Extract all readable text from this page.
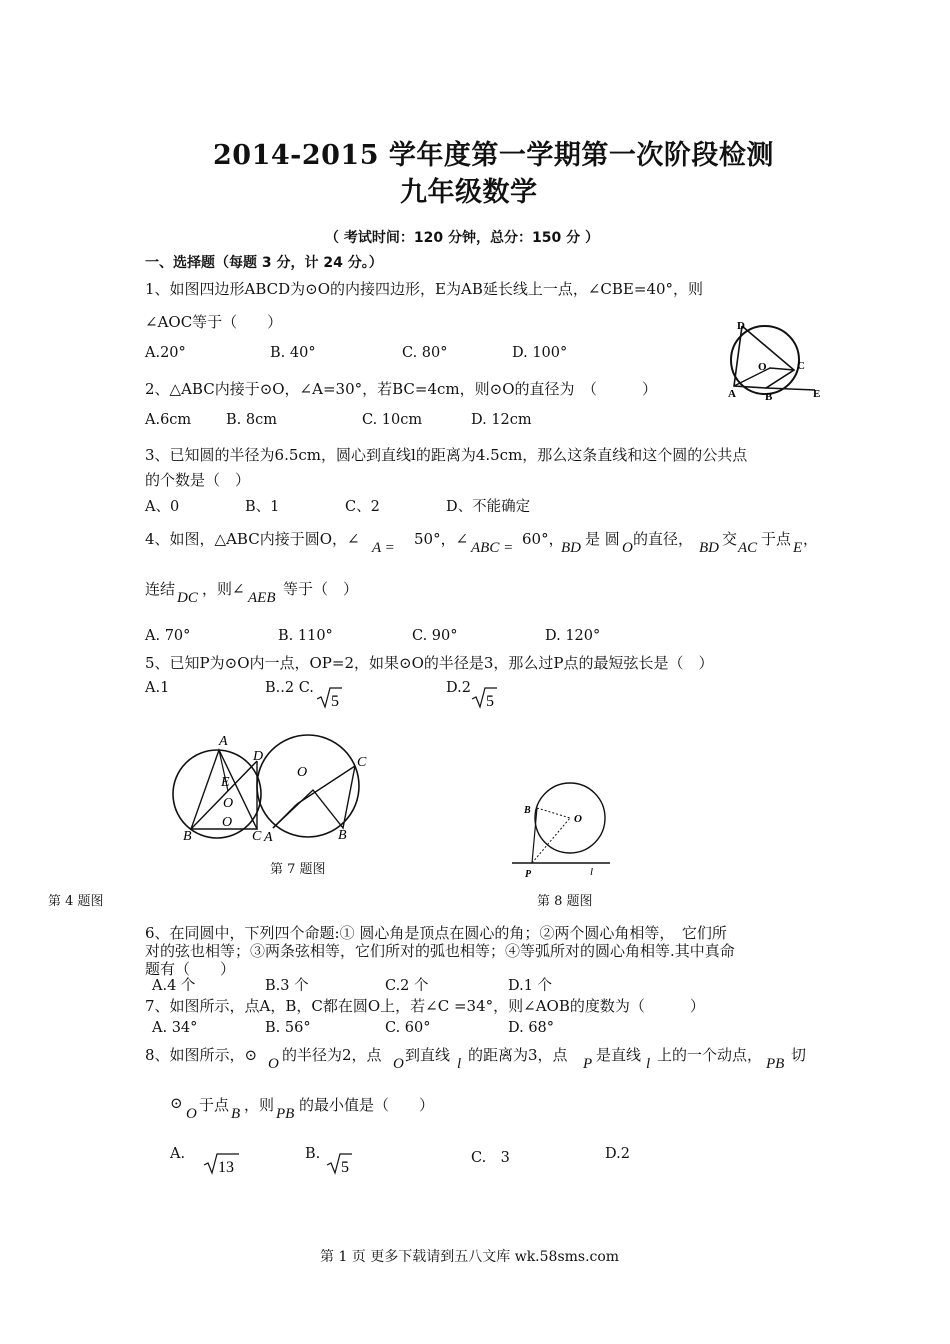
2014-2015 学年度第一学期第一次阶段检测
九年级数学
（ 考试时间：120 分钟，总分：150 分 ）
一、选择题（每题 3 分，计 24 分。）
1、如图四边形ABCD为⊙O的内接四边形，E为AB延长线上一点，∠CBE=40°，则
∠AOC等于（　　）
A.20°	B. 40°	C. 80°	D. 100°
D
O	C
A	B	E
2、△ABC内接于⊙O，∠A=30°，若BC=4cm，则⊙O的直径为　（　　　）
A.6cm B. 8cm	C. 10cm	D. 12cm
3、已知圆的半径为6.5cm，圆心到直线l的距离为4.5cm，那么这条直线和这个圆的公共点
的个数是（　）
A、0	B、1	C、2	D、不能确定
4、如图，△ABC内接于圆O，∠ A = 50°，∠ ABC = 60°，
BD 是 圆 O 的直径， BD 交 AC 于点 E ，
连结 DC ，则∠ AEB 等于（　）
A. 70°	B. 110°	C. 90°	D. 120°
5、已知P为⊙O内一点，OP=2，如果⊙O的半径是3，那么过P点的最短弦长是（　）
A.1	B..2 C.
5
D.2
5
A
D
E
O
O
B	C
O
C
A	B
B
O
P	l
第 7 题图
第 4 题图	第 8 题图
6、在同圆中，下列四个命题:① 圆心角是顶点在圆心的角；②两个圆心角相等，　它们所
对的弦也相等；③两条弦相等，它们所对的弧也相等；④等弧所对的圆心角相等.其中真命
题有（　　）
A.4 个	B.3 个	C.2 个	D.1 个
7、如图所示，点A，B，C都在圆O上，若∠C =34°，则∠AOB的度数为（　　　）
A. 34°	B. 56°	C. 60°	D. 68°
8、如图所示，⊙ O 的半径为2，点 O 到直线 l 的距离为3，点 P 是直线 l 上的一个动点， PB 切
⊙
O 于点 B ，则 PB 的最小值是（　　）
A.
13
B.
5
C.　3	D.2
第 1 页 更多下载请到五八文库 wk.58sms.com
